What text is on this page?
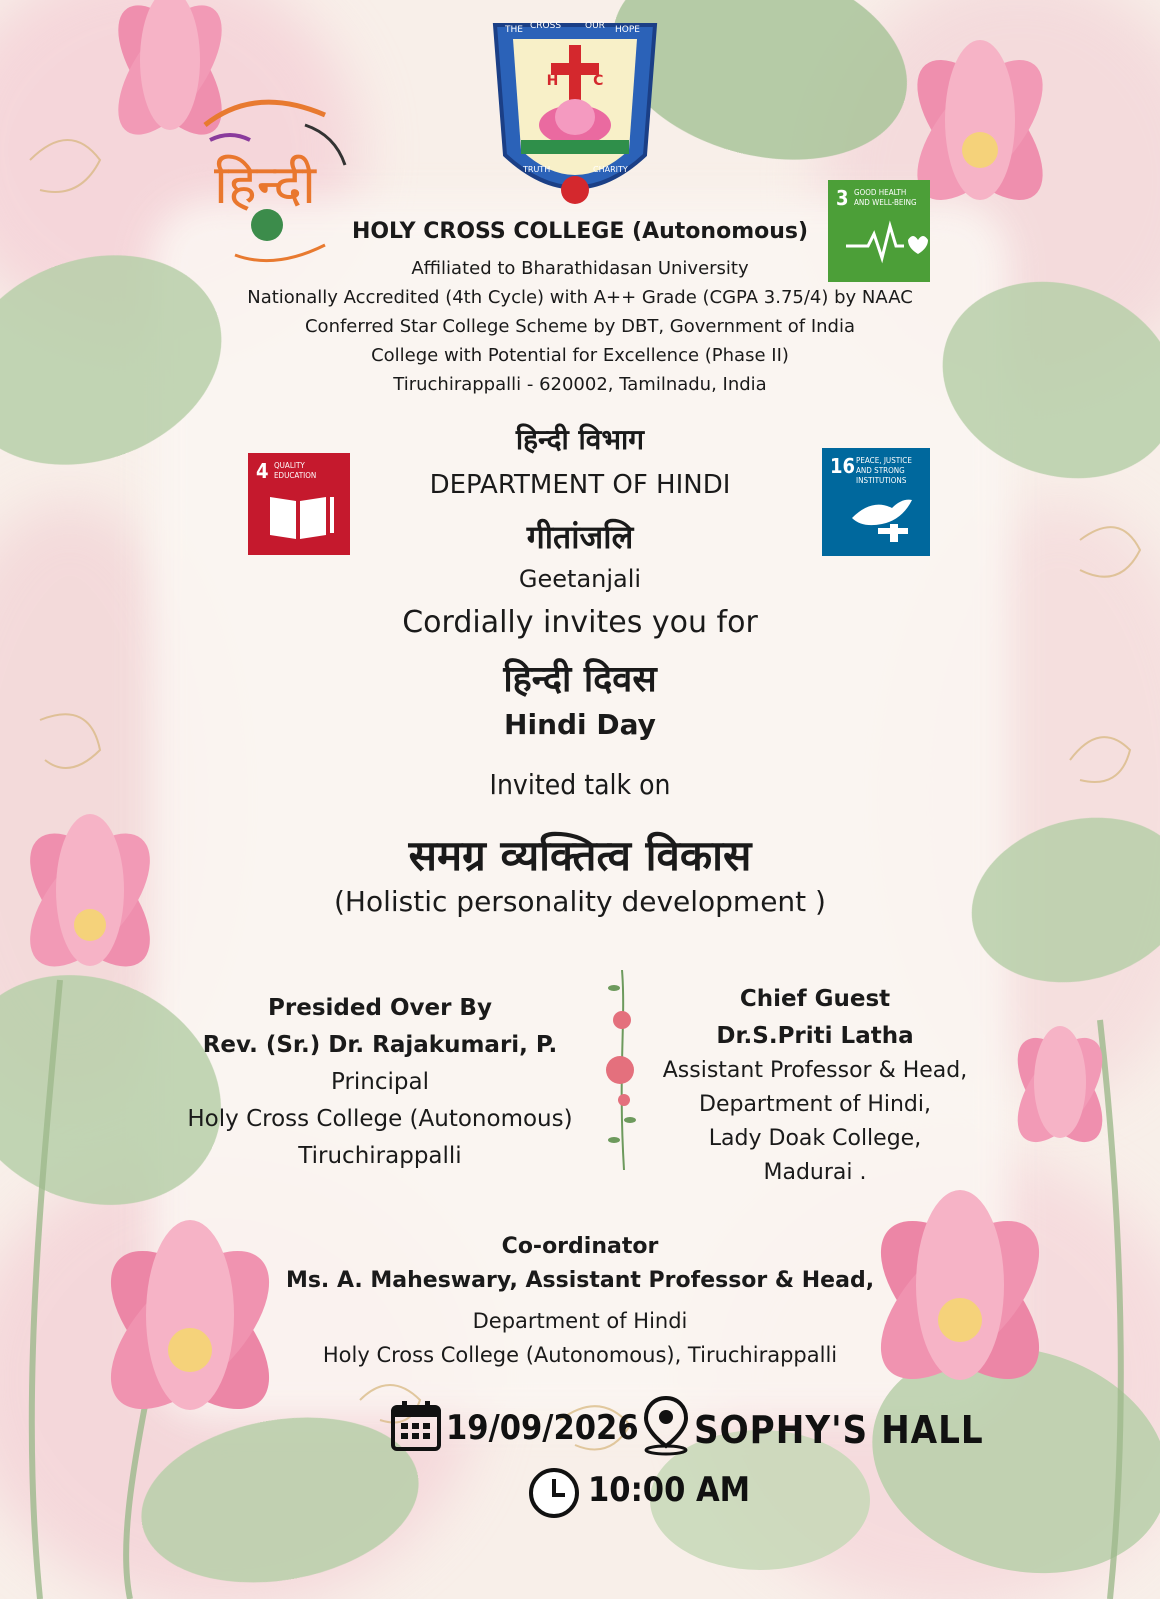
हिन्दी
THE CROSS	OUR HOPE
H C
TRUTH	CHARITY
3 GOOD HEALTH AND WELL-BEING
4 QUALITY EDUCATION	16 PEACE, JUSTICE AND STRONG INSTITUTIONS
HOLY CROSS COLLEGE (Autonomous)
Affiliated to Bharathidasan University
Nationally Accredited (4th Cycle) with A++ Grade (CGPA 3.75/4) by NAAC
Conferred Star College Scheme by DBT, Government of India
College with Potential for Excellence (Phase II)
Tiruchirappalli - 620002, Tamilnadu, India
हिन्दी विभाग
DEPARTMENT OF HINDI
गीतांजलि
Geetanjali
Cordially invites you for
हिन्दी दिवस
Hindi Day
Invited talk on
समग्र व्यक्तित्व विकास
(Holistic personality development )
Presided Over By
Rev. (Sr.) Dr. Rajakumari, P.
Principal
Holy Cross College (Autonomous)
Tiruchirappalli
Chief Guest
Dr.S.Priti Latha
Assistant Professor & Head,
Department of Hindi,
Lady Doak College,
Madurai .
Co-ordinator
Ms. A. Maheswary, Assistant Professor & Head,
Department of Hindi
Holy Cross College (Autonomous), Tiruchirappalli
19/09/2026 SOPHY'S HALL
10:00 AM
